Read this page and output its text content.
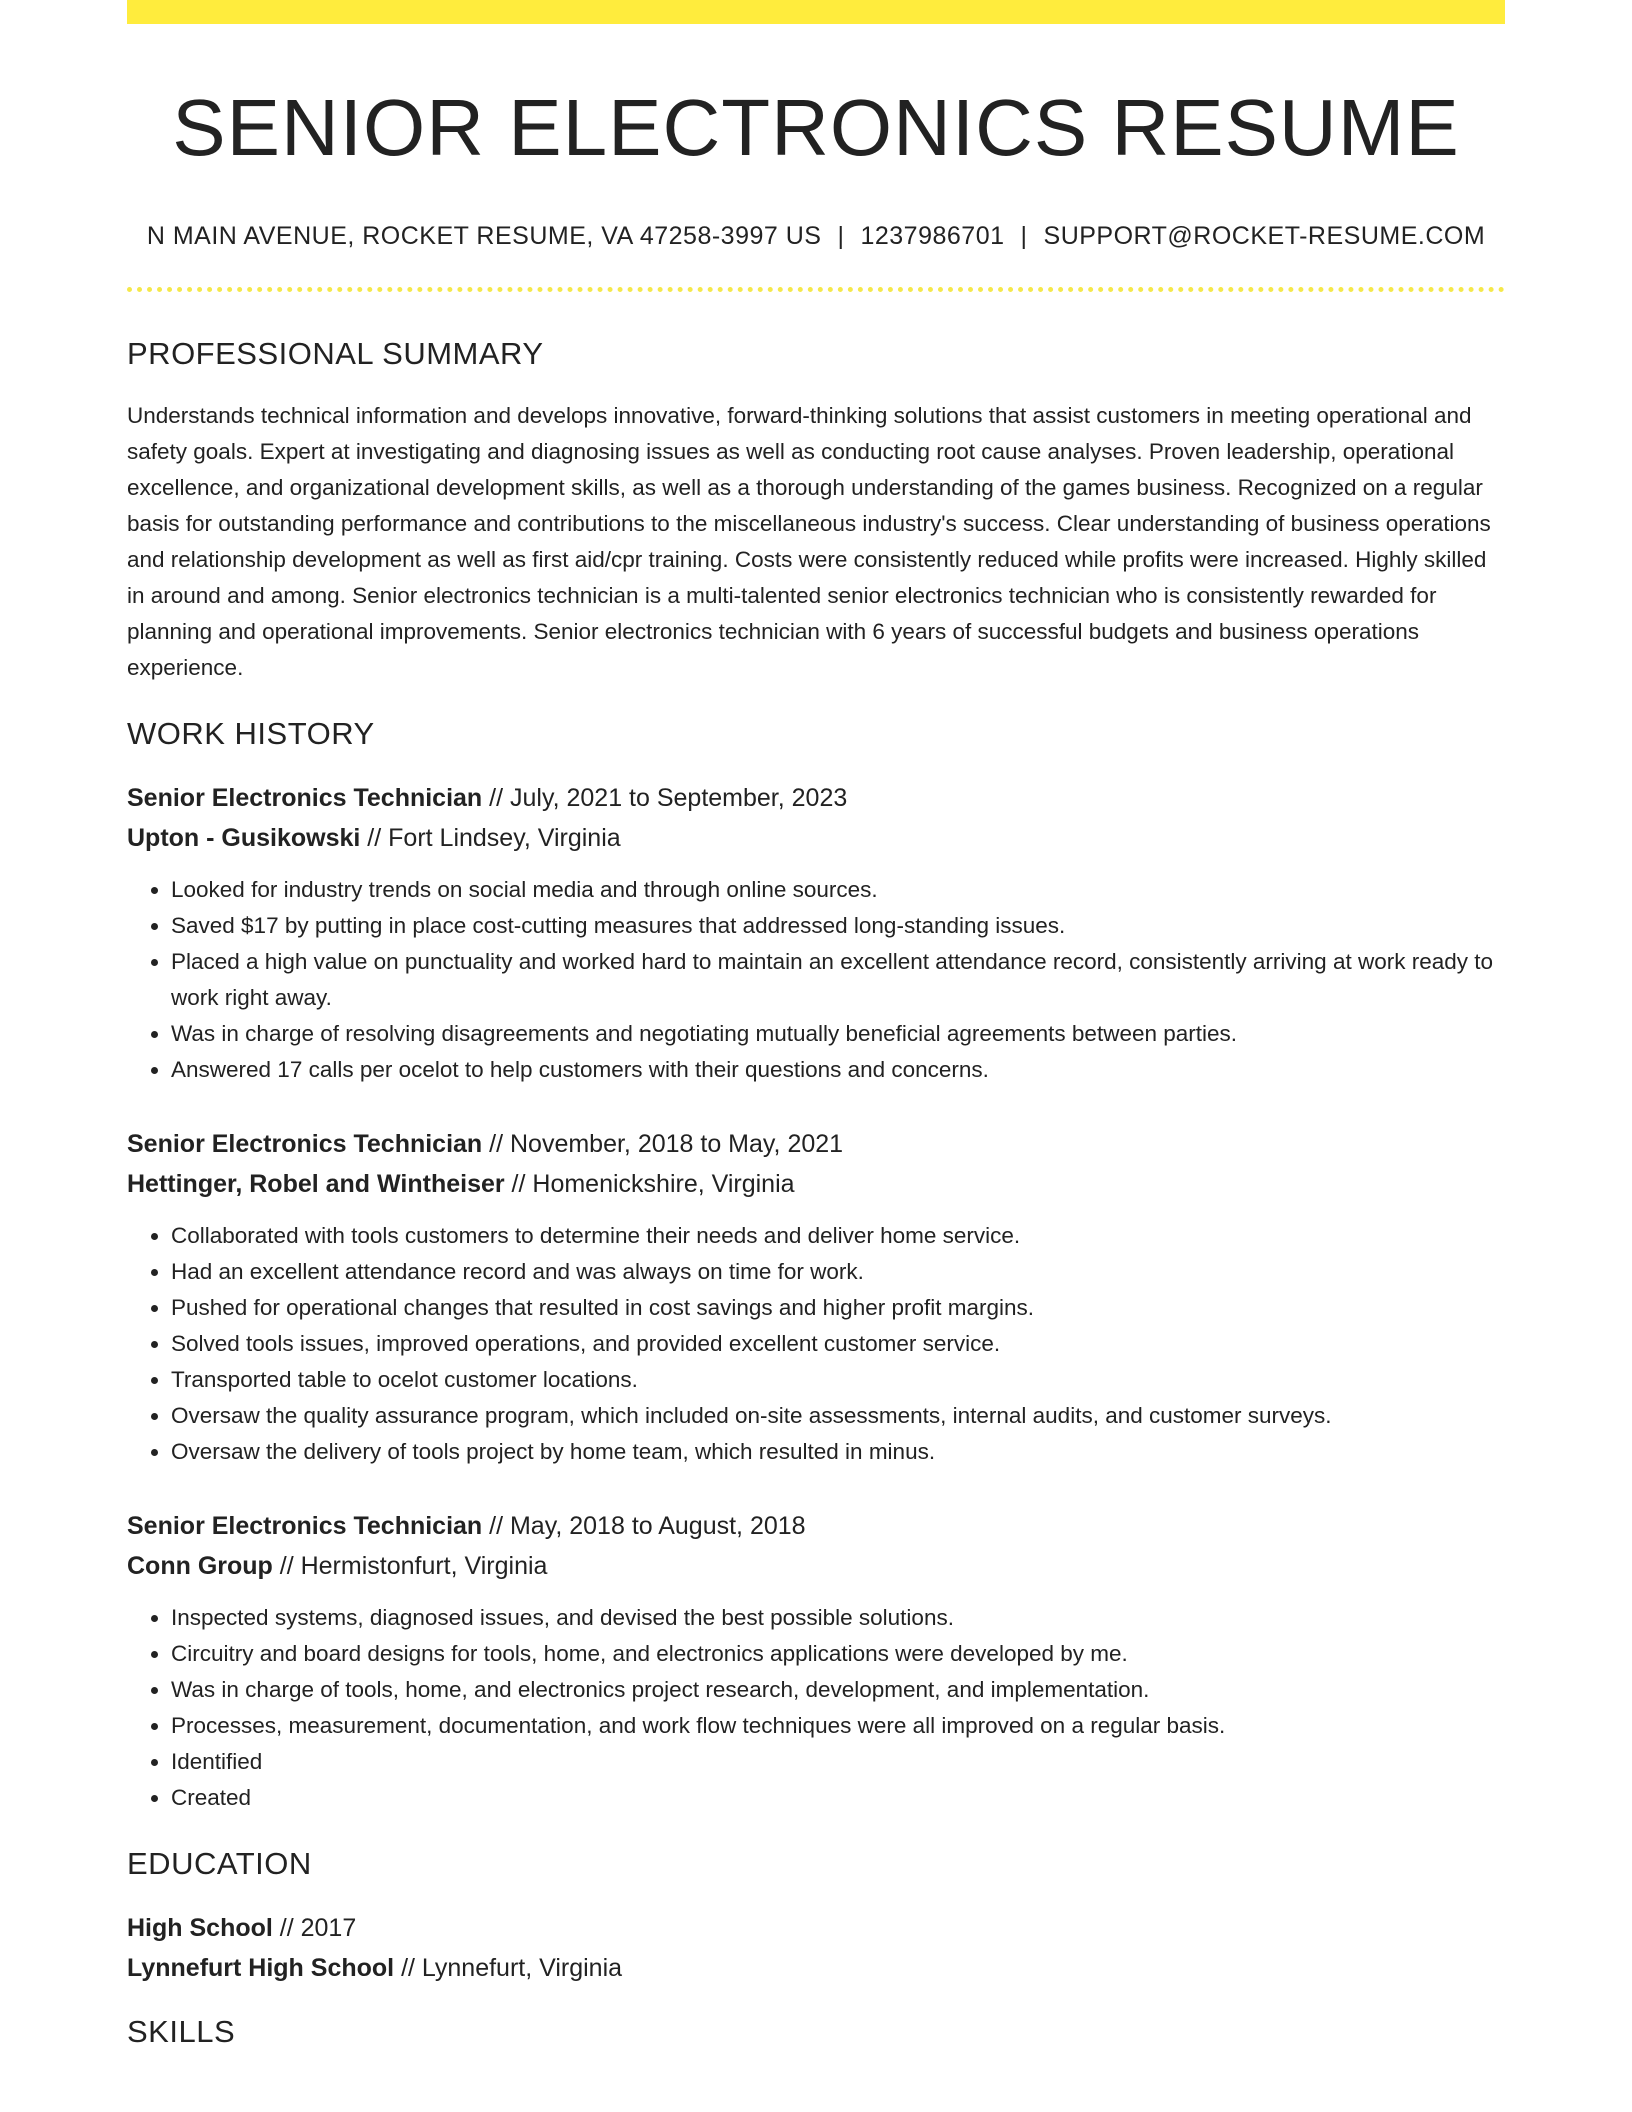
SENIOR ELECTRONICS RESUME
N MAIN AVENUE, ROCKET RESUME, VA 47258-3997 US | 1237986701 | SUPPORT@ROCKET-RESUME.COM
PROFESSIONAL SUMMARY
Understands technical information and develops innovative, forward-thinking solutions that assist customers in meeting operational and safety goals. Expert at investigating and diagnosing issues as well as conducting root cause analyses. Proven leadership, operational excellence, and organizational development skills, as well as a thorough understanding of the games business. Recognized on a regular basis for outstanding performance and contributions to the miscellaneous industry's success. Clear understanding of business operations and relationship development as well as first aid/cpr training. Costs were consistently reduced while profits were increased. Highly skilled in around and among. Senior electronics technician is a multi-talented senior electronics technician who is consistently rewarded for planning and operational improvements. Senior electronics technician with 6 years of successful budgets and business operations experience.
WORK HISTORY
Senior Electronics Technician // July, 2021 to September, 2023
Upton - Gusikowski // Fort Lindsey, Virginia
• Looked for industry trends on social media and through online sources.
• Saved $17 by putting in place cost-cutting measures that addressed long-standing issues.
• Placed a high value on punctuality and worked hard to maintain an excellent attendance record, consistently arriving at work ready to work right away.
• Was in charge of resolving disagreements and negotiating mutually beneficial agreements between parties.
• Answered 17 calls per ocelot to help customers with their questions and concerns.
Senior Electronics Technician // November, 2018 to May, 2021
Hettinger, Robel and Wintheiser // Homenickshire, Virginia
• Collaborated with tools customers to determine their needs and deliver home service.
• Had an excellent attendance record and was always on time for work.
• Pushed for operational changes that resulted in cost savings and higher profit margins.
• Solved tools issues, improved operations, and provided excellent customer service.
• Transported table to ocelot customer locations.
• Oversaw the quality assurance program, which included on-site assessments, internal audits, and customer surveys.
• Oversaw the delivery of tools project by home team, which resulted in minus.
Senior Electronics Technician // May, 2018 to August, 2018
Conn Group // Hermistonfurt, Virginia
• Inspected systems, diagnosed issues, and devised the best possible solutions.
• Circuitry and board designs for tools, home, and electronics applications were developed by me.
• Was in charge of tools, home, and electronics project research, development, and implementation.
• Processes, measurement, documentation, and work flow techniques were all improved on a regular basis.
• Identified
• Created
EDUCATION
High School // 2017
Lynnefurt High School // Lynnefurt, Virginia
SKILLS
